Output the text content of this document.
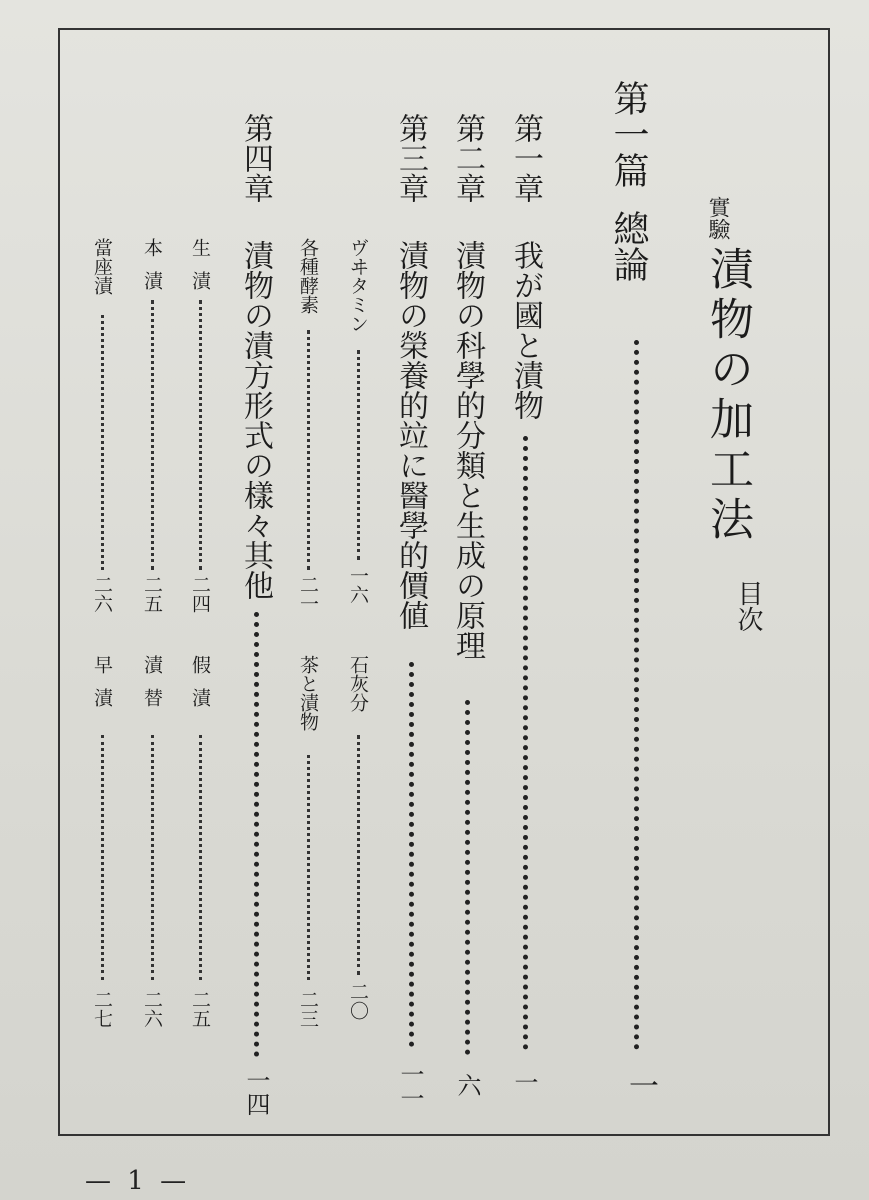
實驗
漬物の加工法
目次
第一篇
總論
一
第一章
我が國と漬物
一
第二章
漬物の科學的分類と生成の原理
六
第三章
漬物の榮養的竝に醫學的價値
一一
ヴヰタミン
一六
石灰分
二〇
各種酵素
二一
茶と漬物
二三
第四章
漬物の漬方形式の樣々其他
一四
生漬
二四
假漬
二五
本漬
二五
漬替
二六
當座漬
二六
早漬
二七
— 1 —
